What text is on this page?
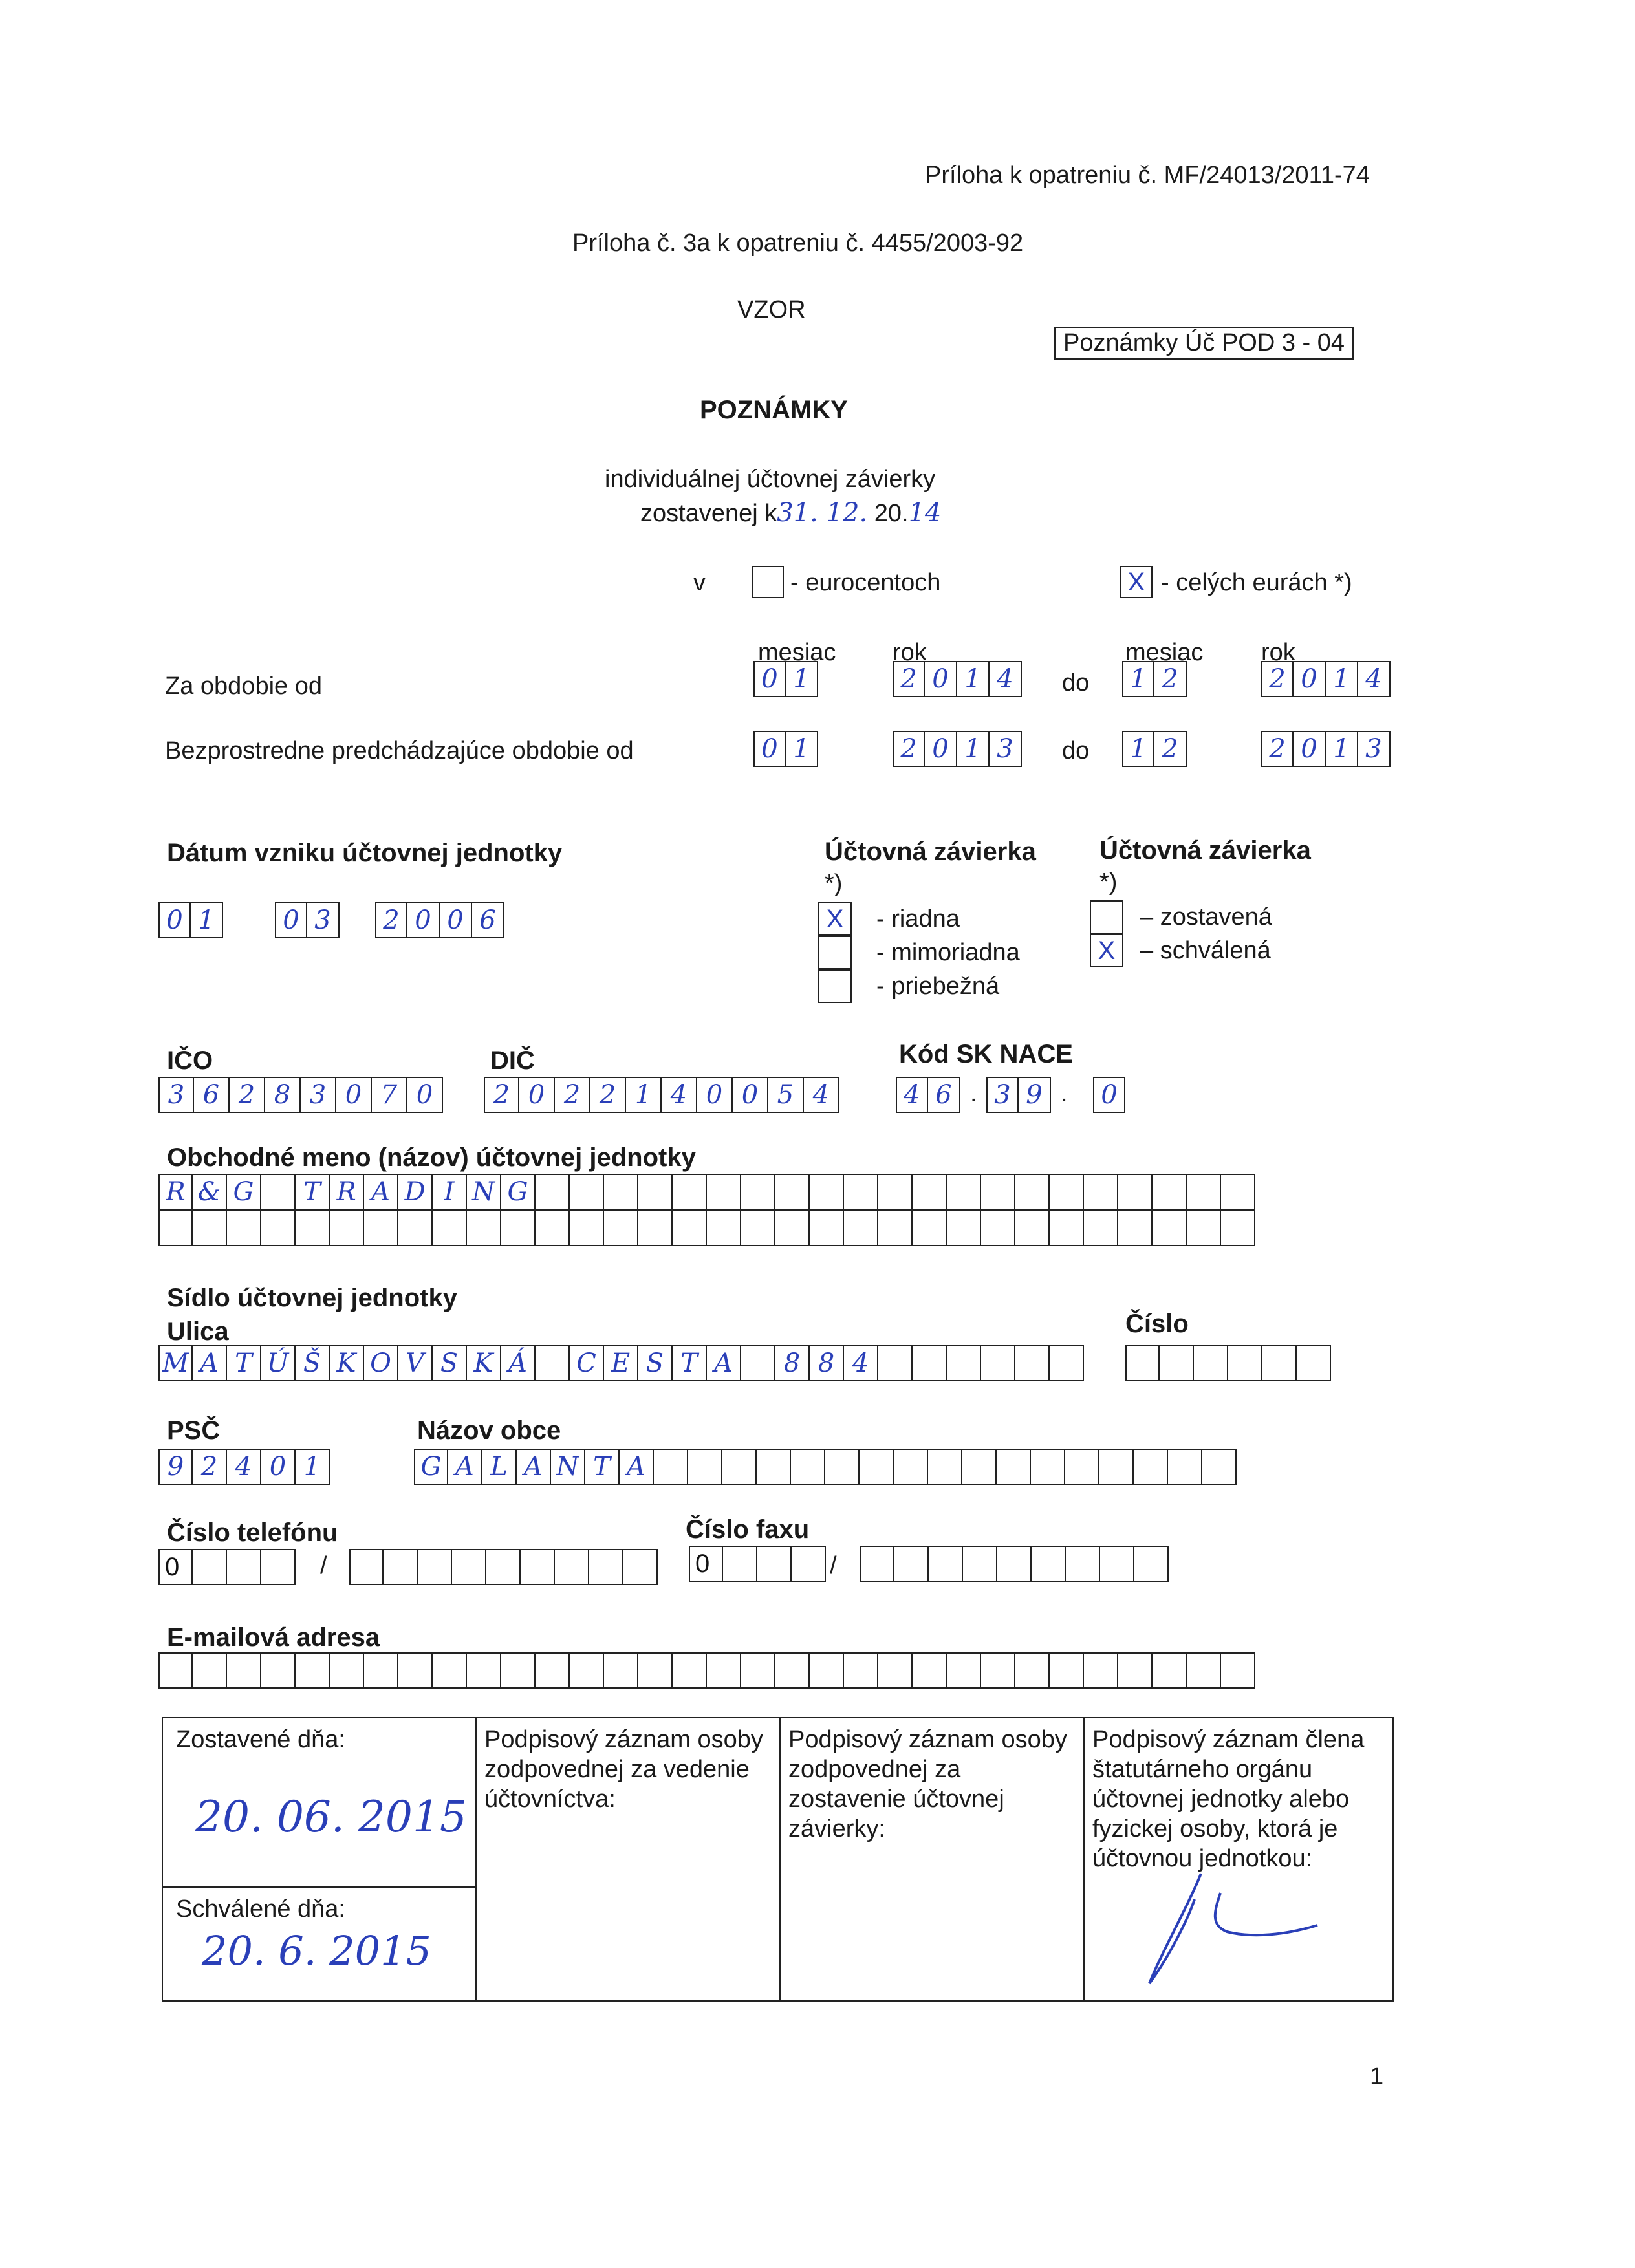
Príloha k opatreniu č. MF/24013/2011-74
Príloha č. 3a k opatreniu č. 4455/2003-92
VZOR
Poznámky Úč POD 3 - 04
POZNÁMKY
individuálnej účtovnej závierky
zostavenej k31. 12. 20.14
v	- eurocentoch	X - celých eurách *)
mesiac rok	mesiac rok
Za obdobie od	0 1	2 0 1 4	do	1 2	2 0 1 4
Bezprostredne predchádzajúce obdobie od	0 1	2 0 1 3	do	1 2	2 0 1 3
Dátum vzniku účtovnej jednotky
0 1	0 3	2 0 0 6
Účtovná závierka
*)
X	- riadna
- mimoriadna
- priebežná
Účtovná závierka
*)
– zostavená
X – schválená
IČO
3 6 2 8 3 0 7 0
DIČ
2 0 2 2 1 4 0 0 5 4
Kód SK NACE
4 6 . 3 9 .	0
Obchodné meno (názov) účtovnej jednotky
R & G	T R A D I N G
Sídlo účtovnej jednotky
Ulica
M A T Ú Š K O V S K Á	C E S T A	8 8 4
Číslo
PSČ
9 2 4 0 1
Názov obce
G A L A N T A
Číslo telefónu
0	/
Číslo faxu
0	/
E-mailová adresa
Zostavené dňa:
20. 06. 2015
Schválené dňa:
20. 6. 2015
Podpisový záznam osoby zodpovednej za vedenie účtovníctva:
Podpisový záznam osoby zodpovednej za zostavenie účtovnej závierky:
Podpisový záznam člena štatutárneho orgánu účtovnej jednotky alebo fyzickej osoby, ktorá je účtovnou jednotkou:
1
